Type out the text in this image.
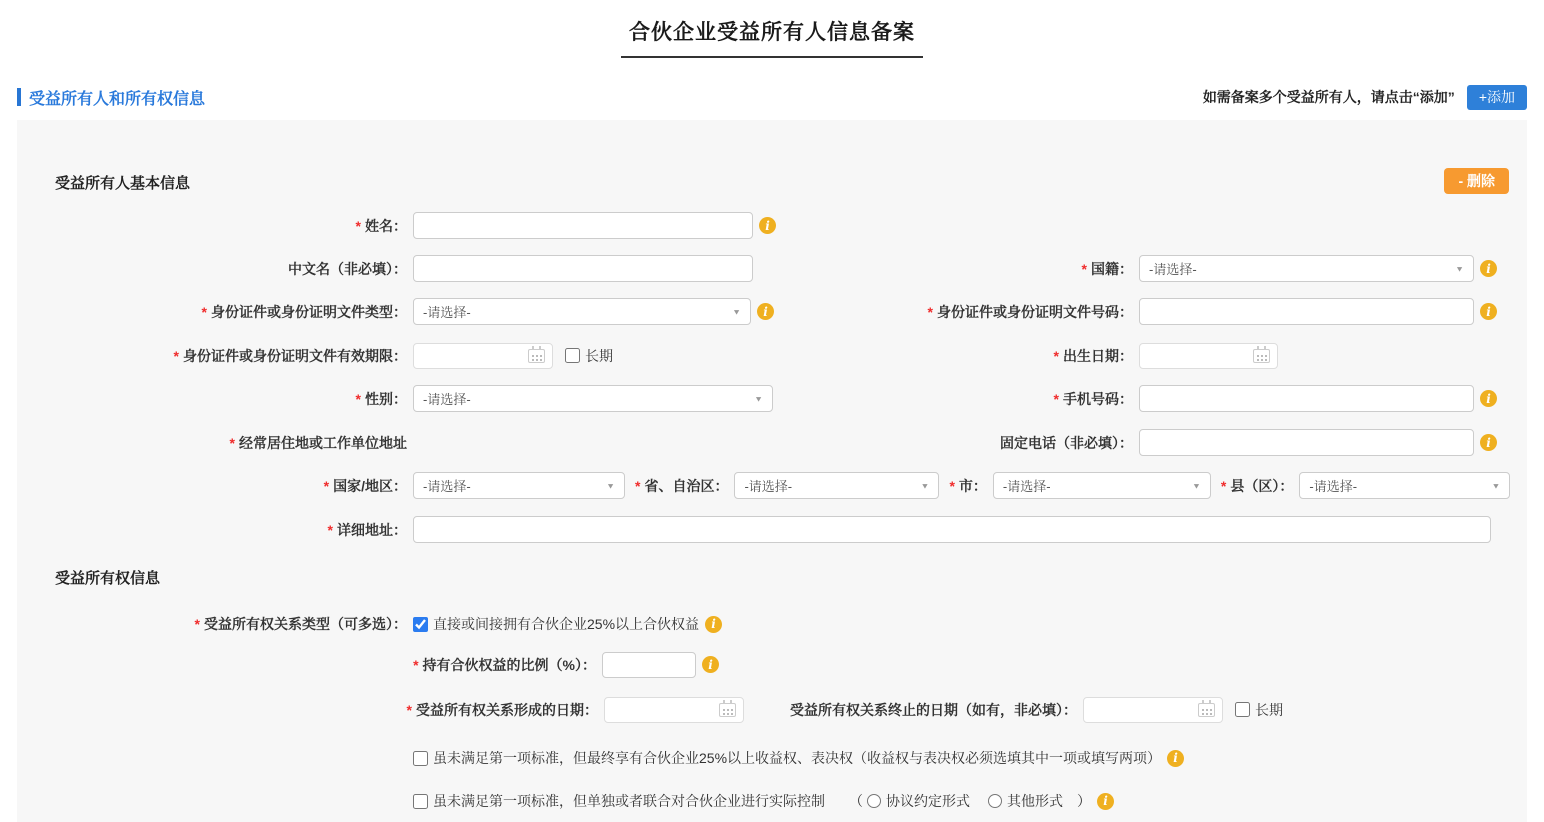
合伙企业受益所有人信息备案
受益所有人和所有权信息	如需备案多个受益所有人，请点击“添加”	+添加
受益所有人基本信息	- 删除
* 姓名：	i
中文名（非必填）：	* 国籍： -请选择-	▼ i
* 身份证件或身份证明文件类型： -请选择-	▼ i	* 身份证件或身份证明文件号码：	i
* 身份证件或身份证明文件有效期限：	长期	* 出生日期：
* 性别： -请选择-	▼	* 手机号码：	i
* 经常居住地或工作单位地址	固定电话（非必填）：	i
* 国家/地区： -请选择-	▼ * 省、自治区： -请选择-	▼ * 市： -请选择-	▼ * 县（区）： -请选择-	▼
* 详细地址：
受益所有权信息
* 受益所有权关系类型（可多选）： 直接或间接拥有合伙企业25%以上合伙权益 i
* 持有合伙权益的比例（%）：	i
* 受益所有权关系形成的日期：	受益所有权关系终止的日期（如有，非必填）：	长期
虽未满足第一项标准，但最终享有合伙企业25%以上收益权、表决权（收益权与表决权必须选填其中一项或填写两项） i
虽未满足第一项标准，但单独或者联合对合伙企业进行实际控制 （ 协议约定形式	其他形式 ） i
